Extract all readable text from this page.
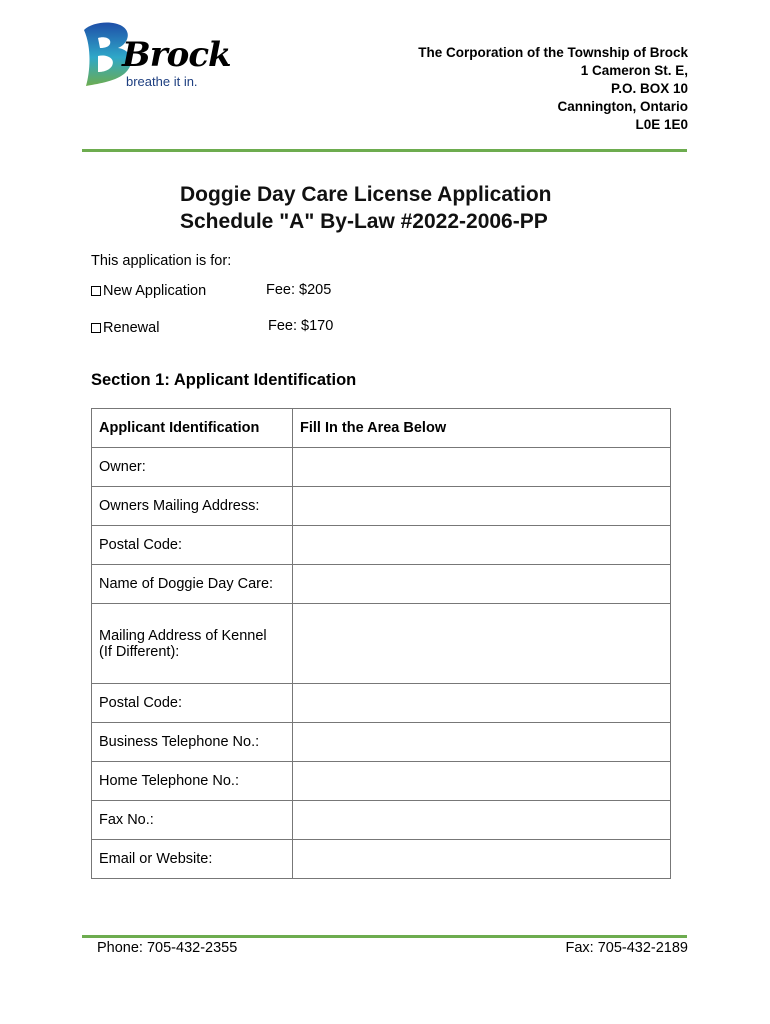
Brock
breathe it in.
The Corporation of the Township of Brock
1 Cameron St. E,
P.O. BOX 10
Cannington, Ontario
L0E 1E0
Doggie Day Care License Application
Schedule "A" By-Law #2022-2006-PP
This application is for:
New Application	Fee: $205
Renewal	Fee: $170
Section 1: Applicant Identification
Applicant Identification	Fill In the Area Below
Owner:	
Owners Mailing Address:	
Postal Code:	
Name of Doggie Day Care:	
Mailing Address of Kennel
(If Different):	
Postal Code:	
Business Telephone No.:	
Home Telephone No.:	
Fax No.:	
Email or Website:	
Phone: 705-432-2355	Fax: 705-432-2189
